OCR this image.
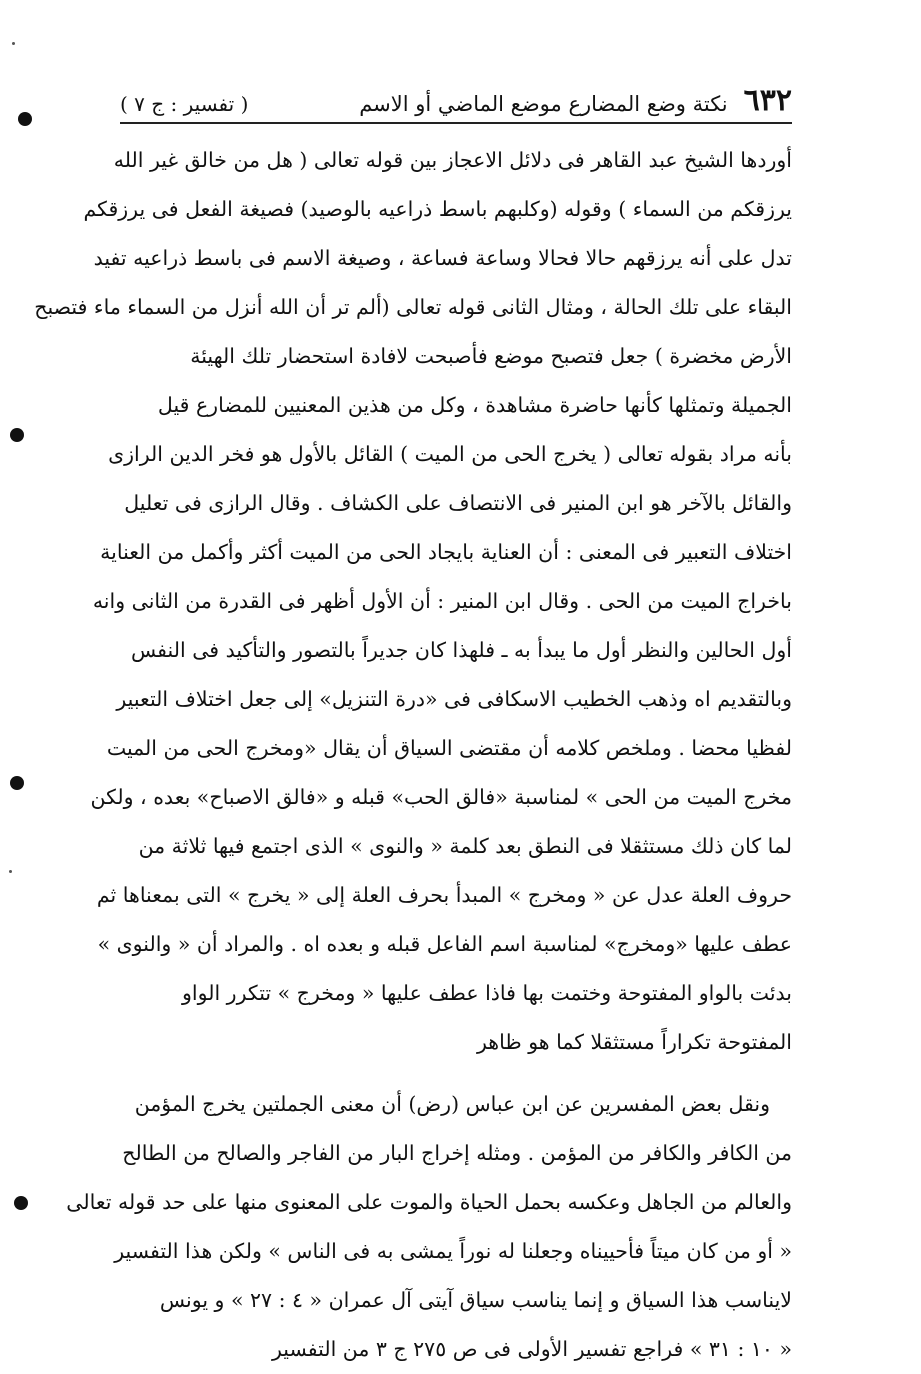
٦٣٢
نكتة وضع المضارع موضع الماضي أو الاسم
( تفسير : ج ٧ )
أوردها الشيخ عبد القاهر فى دلائل الاعجاز بين قوله تعالى ( هل من خالق غير الله
يرزقكم من السماء ) وقوله (وكلبهم باسط ذراعيه بالوصيد) فصيغة الفعل فى يرزقكم
تدل على أنه يرزقهم حالا فحالا وساعة فساعة ، وصيغة الاسم فى باسط ذراعيه تفيد
البقاء على تلك الحالة ، ومثال الثانى قوله تعالى (ألم تر أن الله أنزل من السماء ماء فتصبح
الأرض مخضرة ) جعل فتصبح موضع فأصبحت لافادة استحضار تلك الهيئة
الجميلة وتمثلها كأنها حاضرة مشاهدة ، وكل من هذين المعنيين للمضارع قيل
بأنه مراد بقوله تعالى ( يخرج الحى من الميت ) القائل بالأول هو فخر الدين الرازى
والقائل بالآخر هو ابن المنير فى الانتصاف على الكشاف . وقال الرازى فى تعليل
اختلاف التعبير فى المعنى : أن العناية بايجاد الحى من الميت أكثر وأكمل من العناية
باخراج الميت من الحى . وقال ابن المنير : أن الأول أظهر فى القدرة من الثانى وانه
أول الحالين والنظر أول ما يبدأ به ـ فلهذا كان جديراً بالتصور والتأكيد فى النفس
وبالتقديم اه وذهب الخطيب الاسكافى فى «درة التنزيل» إلى جعل اختلاف التعبير
لفظيا محضا . وملخص كلامه أن مقتضى السياق أن يقال «ومخرج الحى من الميت
مخرج الميت من الحى » لمناسبة «فالق الحب» قبله و «فالق الاصباح» بعده ، ولكن
لما كان ذلك مستثقلا فى النطق بعد كلمة « والنوى » الذى اجتمع فيها ثلاثة من
حروف العلة عدل عن « ومخرج » المبدأ بحرف العلة إلى « يخرج » التى بمعناها ثم
عطف عليها «ومخرج» لمناسبة اسم الفاعل قبله و بعده اه . والمراد أن « والنوى »
بدئت بالواو المفتوحة وختمت بها فاذا عطف عليها « ومخرج » تتكرر الواو
المفتوحة تكراراً مستثقلا كما هو ظاهر
ونقل بعض المفسرين عن ابن عباس (رض) أن معنى الجملتين يخرج المؤمن
من الكافر والكافر من المؤمن . ومثله إخراج البار من الفاجر والصالح من الطالح
والعالم من الجاهل وعكسه بحمل الحياة والموت على المعنوى منها على حد قوله تعالى
« أو من كان ميتاً فأحييناه وجعلنا له نوراً يمشى به فى الناس » ولكن هذا التفسير
لايناسب هذا السياق و إنما يناسب سياق آيتى آل عمران « ٤ : ٢٧ » و يونس
« ١٠ : ٣١ » فراجع تفسير الأولى فى ص ٢٧٥ ج ٣ من التفسير
